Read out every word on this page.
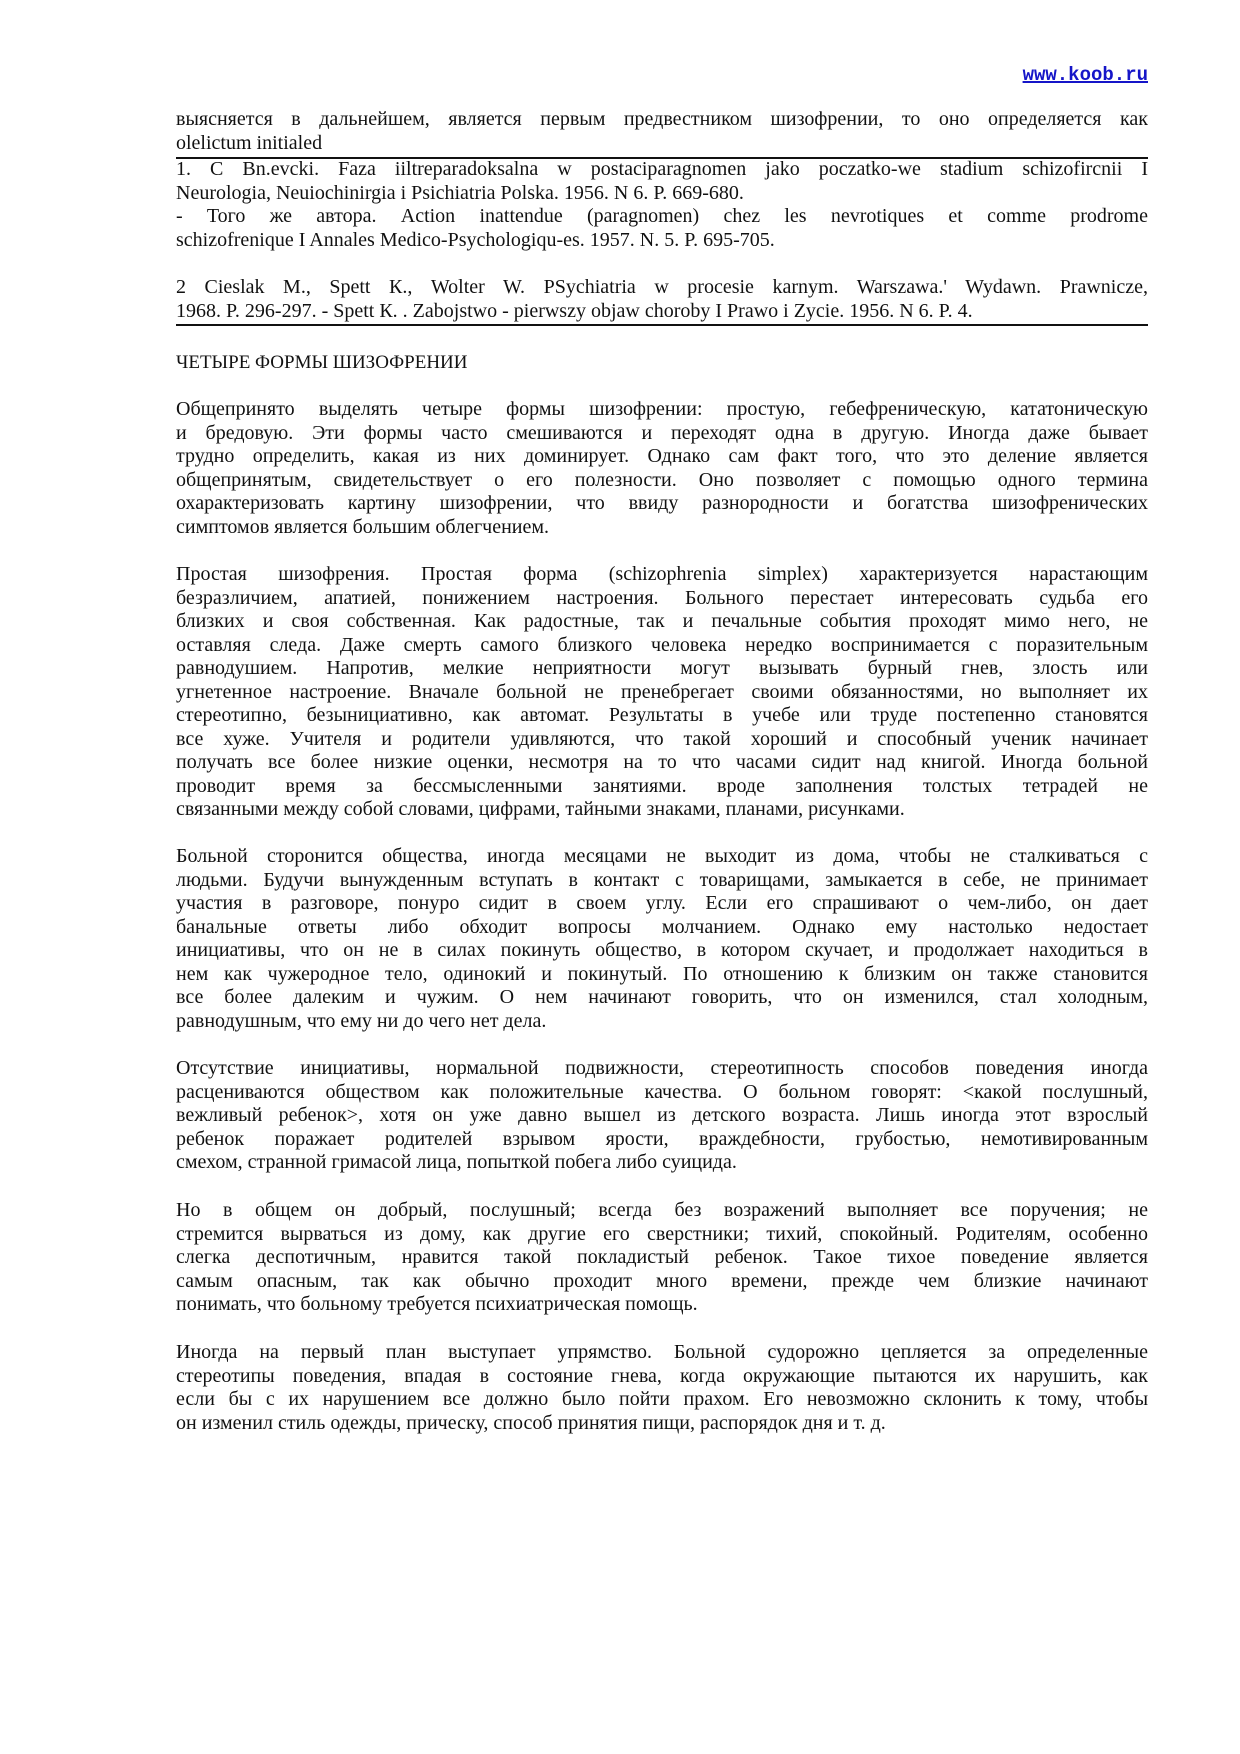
www.koob.ru
выясняется в дальнейшем, является первым предвестником шизофрении, то оно определяется как
olelictum initialed
1. С Bn.evcki. Faza iiltreparadoksalna w postaciparagnomen jako poczatko-we stadium schizofircnii I
Neurologia, Neuiochinirgia i Psichiatria Polska. 1956. N 6. P. 669-680.
- Того же автора. Action inattendue (paragnomen) chez les nevrotiques et comme prodrome
schizofrenique I Annales Medico-Psychologiqu-es. 1957. N. 5. P. 695-705.
2 Cieslak M., Spett К., Wolter W. PSychiatria w procesie karnym. Warszawa.' Wydawn. Prawnicze,
1968. P. 296-297. - Spett К. . Zabojstwo - pierwszy objaw choroby I Prawo i Zycie. 1956. N 6. P. 4.
ЧЕТЫРЕ ФОРМЫ ШИЗОФРЕНИИ
Общепринято выделять четыре формы шизофрении: простую, гебефреническую, кататоническую
и бредовую. Эти формы часто смешиваются и переходят одна в другую. Иногда даже бывает
трудно определить, какая из них доминирует. Однако сам факт того, что это деление является
общепринятым, свидетельствует о его полезности. Оно позволяет с помощью одного термина
охарактеризовать картину шизофрении, что ввиду разнородности и богатства шизофренических
симптомов является большим облегчением.
Простая шизофрения. Простая форма (schizophrenia simplex) характеризуется нарастающим
безразличием, апатией, понижением настроения. Больного перестает интересовать судьба его
близких и своя собственная. Как радостные, так и печальные события проходят мимо него, не
оставляя следа. Даже смерть самого близкого человека нередко воспринимается с поразительным
равнодушием. Напротив, мелкие неприятности могут вызывать бурный гнев, злость или
угнетенное настроение. Вначале больной не пренебрегает своими обязанностями, но выполняет их
стереотипно, безынициативно, как автомат. Результаты в учебе или труде постепенно становятся
все хуже. Учителя и родители удивляются, что такой хороший и способный ученик начинает
получать все более низкие оценки, несмотря на то что часами сидит над книгой. Иногда больной
проводит время за бессмысленными занятиями. вроде заполнения толстых тетрадей не
связанными между собой словами, цифрами, тайными знаками, планами, рисунками.
Больной сторонится общества, иногда месяцами не выходит из дома, чтобы не сталкиваться с
людьми. Будучи вынужденным вступать в контакт с товарищами, замыкается в себе, не принимает
участия в разговоре, понуро сидит в своем углу. Если его спрашивают о чем-либо, он дает
банальные ответы либо обходит вопросы молчанием. Однако ему настолько недостает
инициативы, что он не в силах покинуть общество, в котором скучает, и продолжает находиться в
нем как чужеродное тело, одинокий и покинутый. По отношению к близким он также становится
все более далеким и чужим. О нем начинают говорить, что он изменился, стал холодным,
равнодушным, что ему ни до чего нет дела.
Отсутствие инициативы, нормальной подвижности, стереотипность способов поведения иногда
расцениваются обществом как положительные качества. О больном говорят: <какой послушный,
вежливый ребенок>, хотя он уже давно вышел из детского возраста. Лишь иногда этот взрослый
ребенок поражает родителей взрывом ярости, враждебности, грубостью, немотивированным
смехом, странной гримасой лица, попыткой побега либо суицида.
Но в общем он добрый, послушный; всегда без возражений выполняет все поручения; не
стремится вырваться из дому, как другие его сверстники; тихий, спокойный. Родителям, особенно
слегка деспотичным, нравится такой покладистый ребенок. Такое тихое поведение является
самым опасным, так как обычно проходит много времени, прежде чем близкие начинают
понимать, что больному требуется психиатрическая помощь.
Иногда на первый план выступает упрямство. Больной судорожно цепляется за определенные
стереотипы поведения, впадая в состояние гнева, когда окружающие пытаются их нарушить, как
если бы с их нарушением все должно было пойти прахом. Его невозможно склонить к тому, чтобы
он изменил стиль одежды, прическу, способ принятия пищи, распорядок дня и т. д.
